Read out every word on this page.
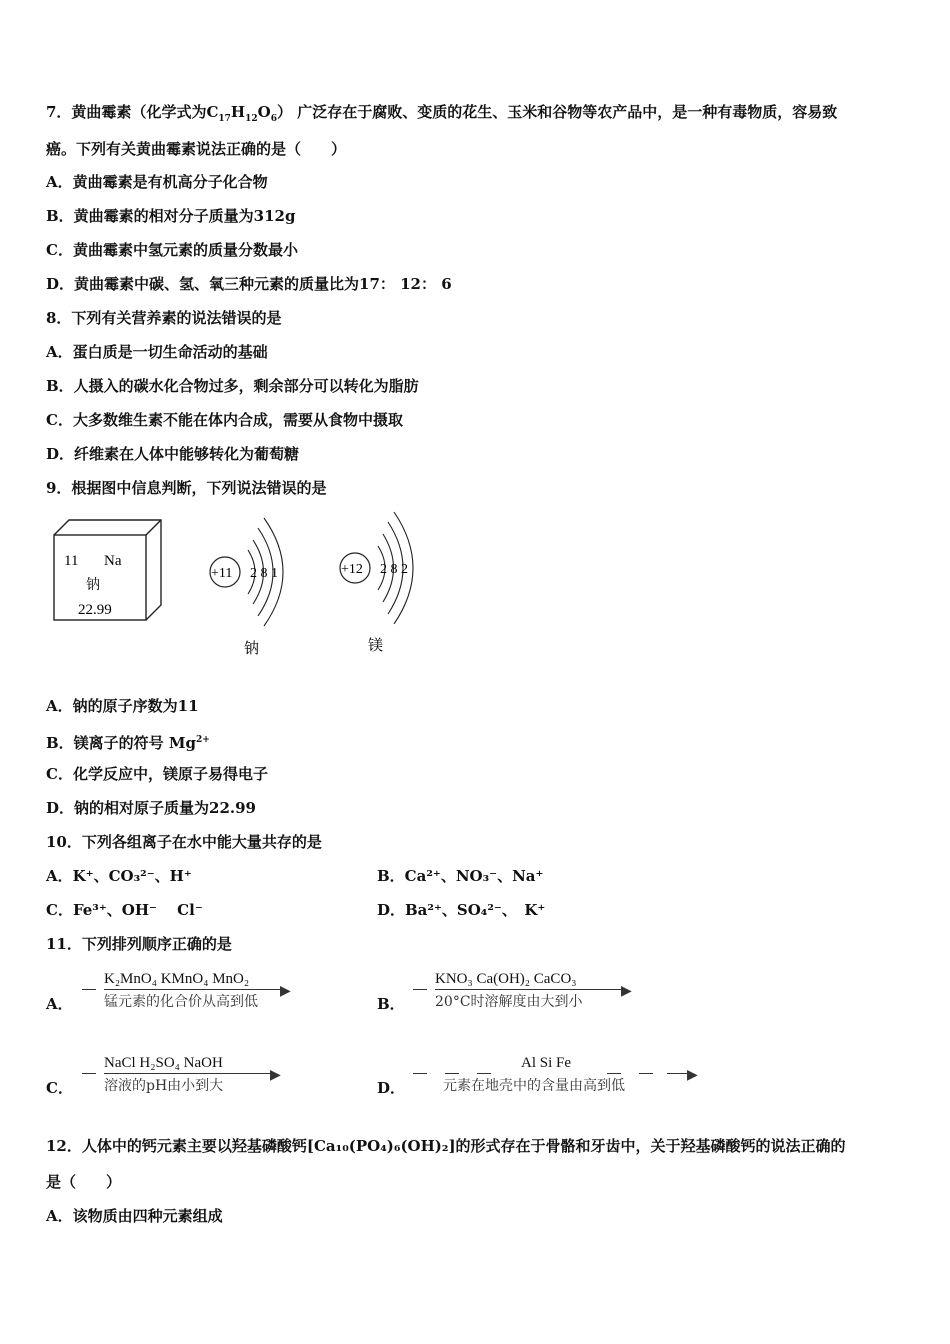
7．黄曲霉素（化学式为$C_{17}H_{12}O_6$） 广泛存在于腐败、变质的花生、玉米和谷物等农产品中，是一种有毒物质，容易致
癌。下列有关黄曲霉素说法正确的是（　　）
A．黄曲霉素是有机高分子化合物
B．黄曲霉素的相对分子质量为312g
C．黄曲霉素中氢元素的质量分数最小
D．黄曲霉素中碳、氢、氧三种元素的质量比为17： 12： 6
8．下列有关营养素的说法错误的是
A．蛋白质是一切生命活动的基础
B．人摄入的碳水化合物过多，剩余部分可以转化为脂肪
C．大多数维生素不能在体内合成，需要从食物中摄取
D．纤维素在人体中能够转化为葡萄糖
9．根据图中信息判断，下列说法错误的是
11 Na
钠
22.99
+11 2 8 1
钠
+12 2 8 2
镁
A．钠的原子序数为11
B．镁离子的符号 $Mg^{2+}$
C．化学反应中，镁原子易得电子
D．钠的相对原子质量为22.99
10．下列各组离子在水中能大量共存的是
A．K⁺、CO₃²⁻、H⁺	B．Ca²⁺、NO₃⁻、Na⁺
C．Fe³⁺、OH⁻　 Cl⁻	D．Ba²⁺、SO₄²⁻、　K⁺
11．下列排列顺序正确的是
A．
K₂MnO₄ KMnO₄ MnO₂
▶
锰元素的化合价从高到低	B．
KNO₃ Ca(OH)₂ CaCO₃
▶
20°C时溶解度由大到小
C．
NaCl H₂SO₄ NaOH
▶
溶液的pH由小到大	D．
Al Si Fe
▶
元素在地壳中的含量由高到低
12．人体中的钙元素主要以羟基磷酸钙[Ca₁₀(PO₄)₆(OH)₂]的形式存在于骨骼和牙齿中，关于羟基磷酸钙的说法正确的
是（　　）
A．该物质由四种元素组成
